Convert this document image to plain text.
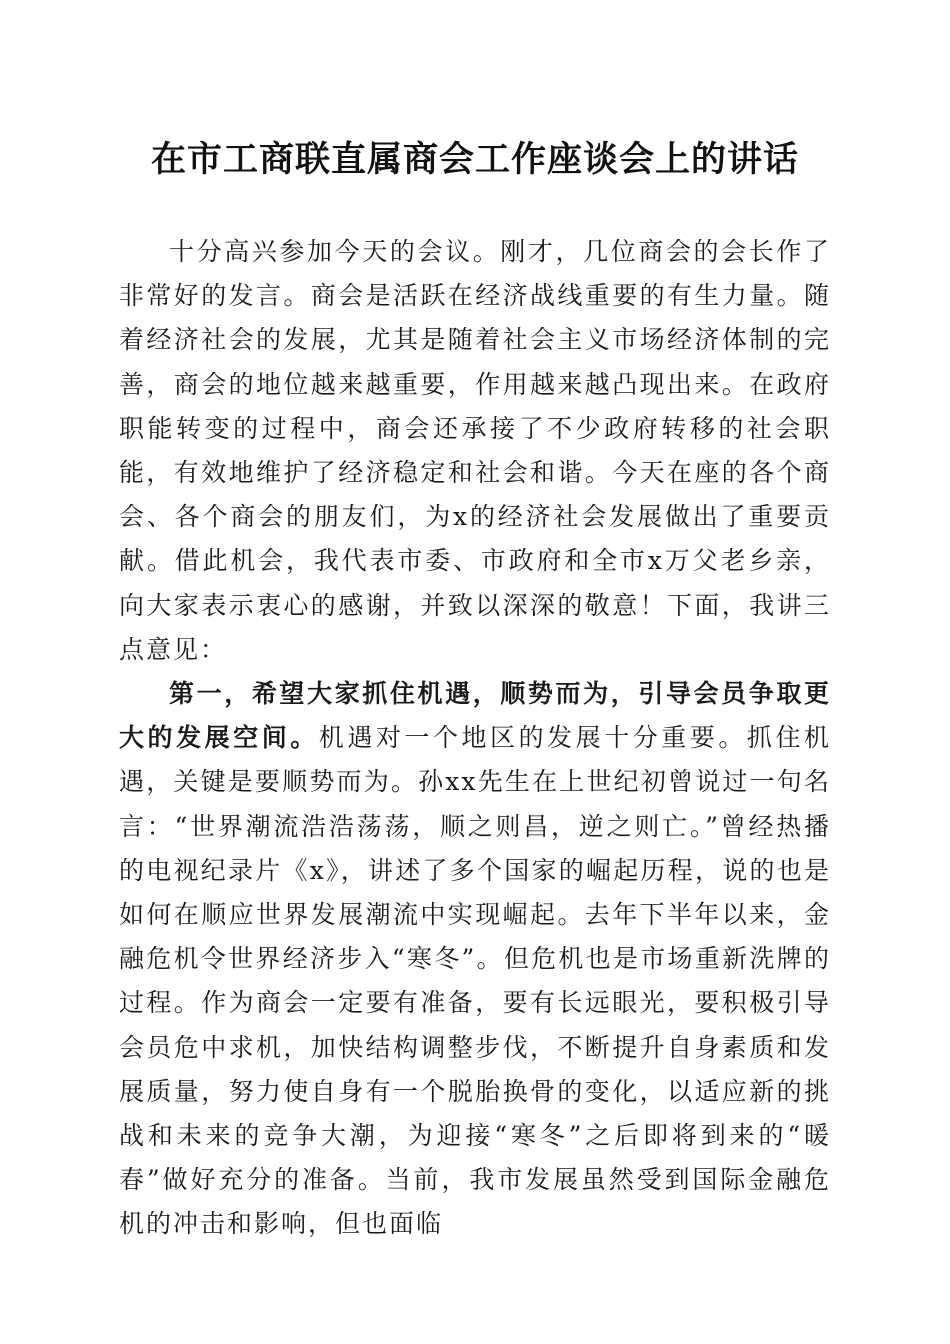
在市工商联直属商会工作座谈会上的讲话

十分高兴参加今天的会议。刚才，几位商会的会长作了非常好的发言。商会是活跃在经济战线重要的有生力量。随着经济社会的发展，尤其是随着社会主义市场经济体制的完善，商会的地位越来越重要，作用越来越凸现出来。在政府职能转变的过程中，商会还承接了不少政府转移的社会职能，有效地维护了经济稳定和社会和谐。今天在座的各个商会、各个商会的朋友们，为x的经济社会发展做出了重要贡献。借此机会，我代表市委、市政府和全市x万父老乡亲，向大家表示衷心的感谢，并致以深深的敬意！下面，我讲三点意见：

第一，希望大家抓住机遇，顺势而为，引导会员争取更大的发展空间。机遇对一个地区的发展十分重要。抓住机遇，关键是要顺势而为。孙xx先生在上世纪初曾说过一句名言：“世界潮流浩浩荡荡，顺之则昌，逆之则亡。”曾经热播的电视纪录片《x》，讲述了多个国家的崛起历程，说的也是如何在顺应世界发展潮流中实现崛起。去年下半年以来，金融危机令世界经济步入“寒冬”。但危机也是市场重新洗牌的过程。作为商会一定要有准备，要有长远眼光，要积极引导会员危中求机，加快结构调整步伐，不断提升自身素质和发展质量，努力使自身有一个脱胎换骨的变化，以适应新的挑战和未来的竞争大潮，为迎接“寒冬”之后即将到来的“暖春”做好充分的准备。当前，我市发展虽然受到国际金融危机的冲击和影响，但也面临
